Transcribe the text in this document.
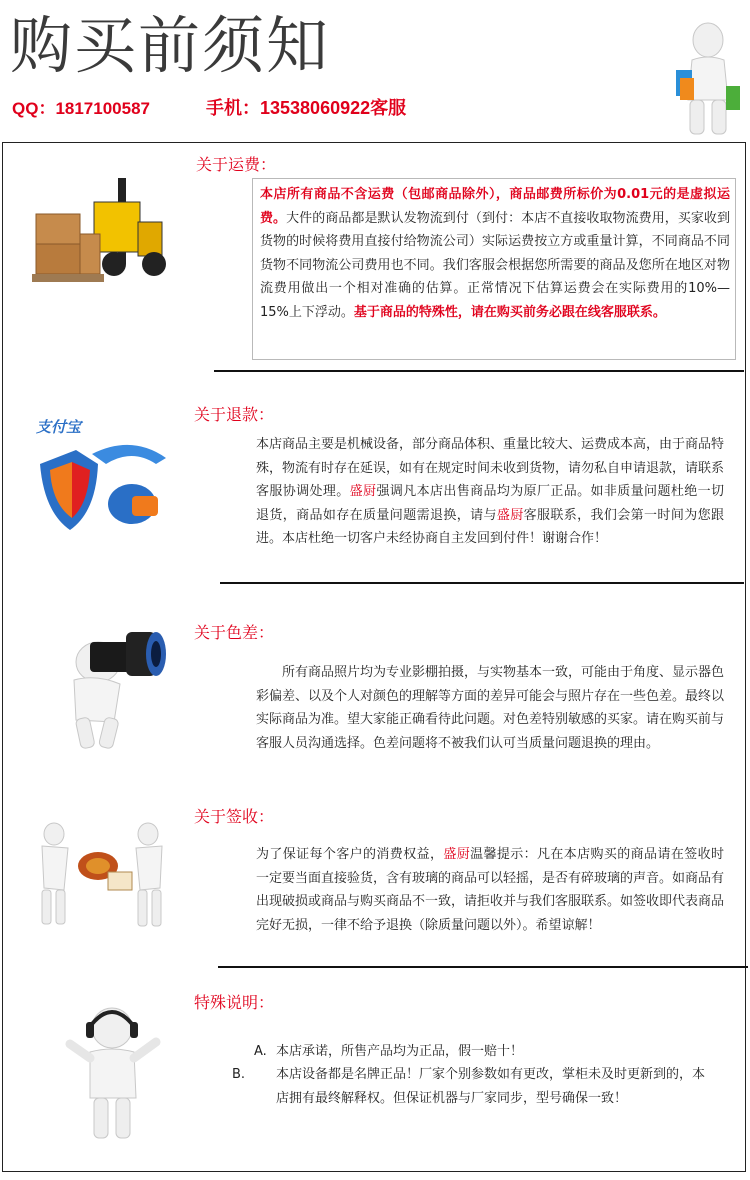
购买前须知
QQ：1817100587	手机：13538060922客服
关于运费：
本店所有商品不含运费（包邮商品除外），商品邮费所标价为0.01元的是虚拟运费。大件的商品都是默认发物流到付（到付：本店不直接收取物流费用，买家收到货物的时候将费用直接付给物流公司）实际运费按立方或重量计算，不同商品不同货物不同物流公司费用也不同。我们客服会根据您所需要的商品及您所在地区对物流费用做出一个相对准确的估算。正常情况下估算运费会在实际费用的10%—15%上下浮动。基于商品的特殊性，请在购买前务必跟在线客服联系。
支付宝
关于退款：
本店商品主要是机械设备，部分商品体积、重量比较大、运费成本高，由于商品特殊，物流有时存在延误，如有在规定时间未收到货物，请勿私自申请退款，请联系客服协调处理。盛厨强调凡本店出售商品均为原厂正品。如非质量问题杜绝一切退货，商品如存在质量问题需退换，请与盛厨客服联系，我们会第一时间为您跟进。本店杜绝一切客户未经协商自主发回到付件！谢谢合作！
关于色差：
所有商品照片均为专业影棚拍摄，与实物基本一致，可能由于角度、显示器色彩偏差、以及个人对颜色的理解等方面的差异可能会与照片存在一些色差。最终以实际商品为准。望大家能正确看待此问题。对色差特别敏感的买家。请在购买前与客服人员沟通选择。色差问题将不被我们认可当质量问题退换的理由。
关于签收：
为了保证每个客户的消费权益，盛厨温馨提示：凡在本店购买的商品请在签收时一定要当面直接验货，含有玻璃的商品可以轻摇，是否有碎玻璃的声音。如商品有出现破损或商品与购买商品不一致，请拒收并与我们客服联系。如签收即代表商品完好无损，一律不给予退换（除质量问题以外）。希望谅解！
特殊说明：
A. 本店承诺，所售产品均为正品，假一赔十！
B. 本店设备都是名牌正品！厂家个别参数如有更改，掌柜未及时更新到的，本店拥有最终解释权。但保证机器与厂家同步，型号确保一致！
